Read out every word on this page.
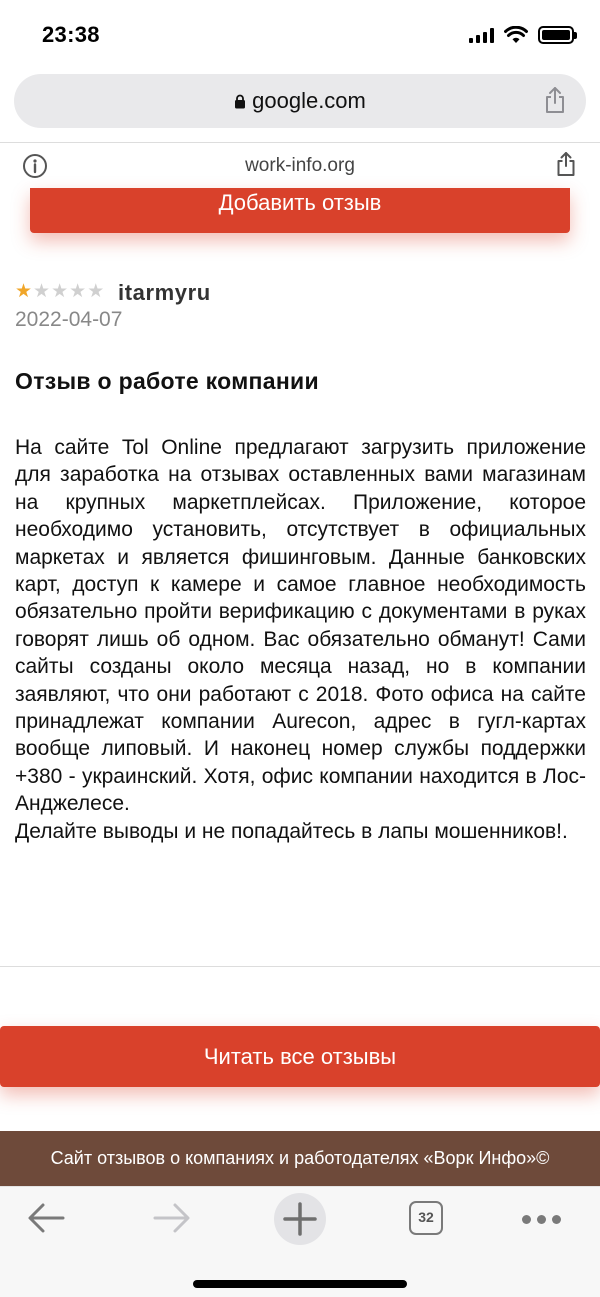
23:38
google.com
work-info.org
Добавить отзыв
★ ★ ★ ★ ★ itarmyru
2022-04-07
Отзыв о работе компании

На сайте Tol Online предлагают загрузить приложение для заработка на отзывах оставленных вами магазинам на крупных маркетплейсах. Приложение, которое необходимо установить, отсутствует в официальных маркетах и является фишинговым. Данные банковских карт, доступ к камере и самое главное необходимость обязательно пройти верификацию с документами в руках говорят лишь об одном. Вас обязательно обманут! Сами сайты созданы около месяца назад, но в компании заявляют, что они работают с 2018. Фото офиса на сайте принадлежат компании Aurecon, адрес в гугл-картах вообще липовый. И наконец номер службы поддержки +380 - украинский. Хотя, офис компании находится в Лос-Анджелесе.

Делайте выводы и не попадайтесь в лапы мошенников!.

Читать все отзывы
Сайт отзывов о компаниях и работодателях «Ворк Инфо»©
32
